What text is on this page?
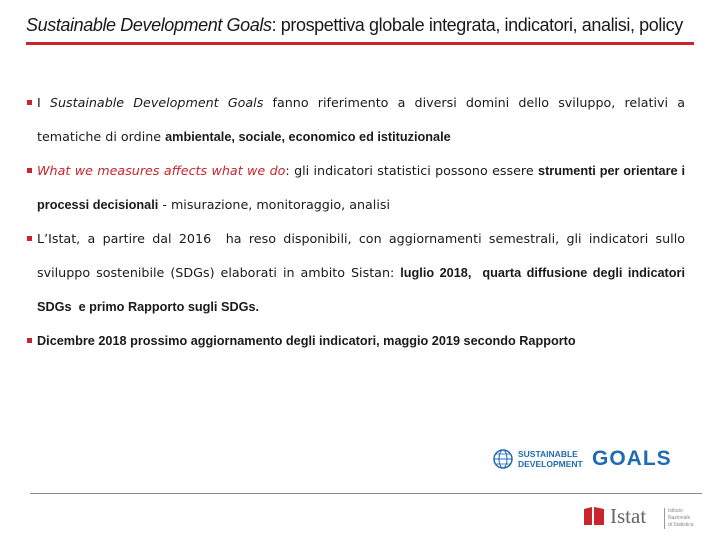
Sustainable Development Goals: prospettiva globale integrata, indicatori, analisi, policy
I Sustainable Development Goals fanno riferimento a diversi domini dello sviluppo, relativi a tematiche di ordine ambientale, sociale, economico ed istituzionale
What we measures affects what we do: gli indicatori statistici possono essere strumenti per orientare i processi decisionali - misurazione, monitoraggio, analisi
L’Istat, a partire dal 2016  ha reso disponibili, con aggiornamenti semestrali, gli indicatori sullo sviluppo sostenibile (SDGs) elaborati in ambito Sistan: luglio 2018,  quarta diffusione degli indicatori SDGs  e primo Rapporto sugli SDGs.
Dicembre 2018 prossimo aggiornamento degli indicatori, maggio 2019 secondo Rapporto
SUSTAINABLE
DEVELOPMENT GOALS
Istat	Istituto Nazionale
di Statistica
